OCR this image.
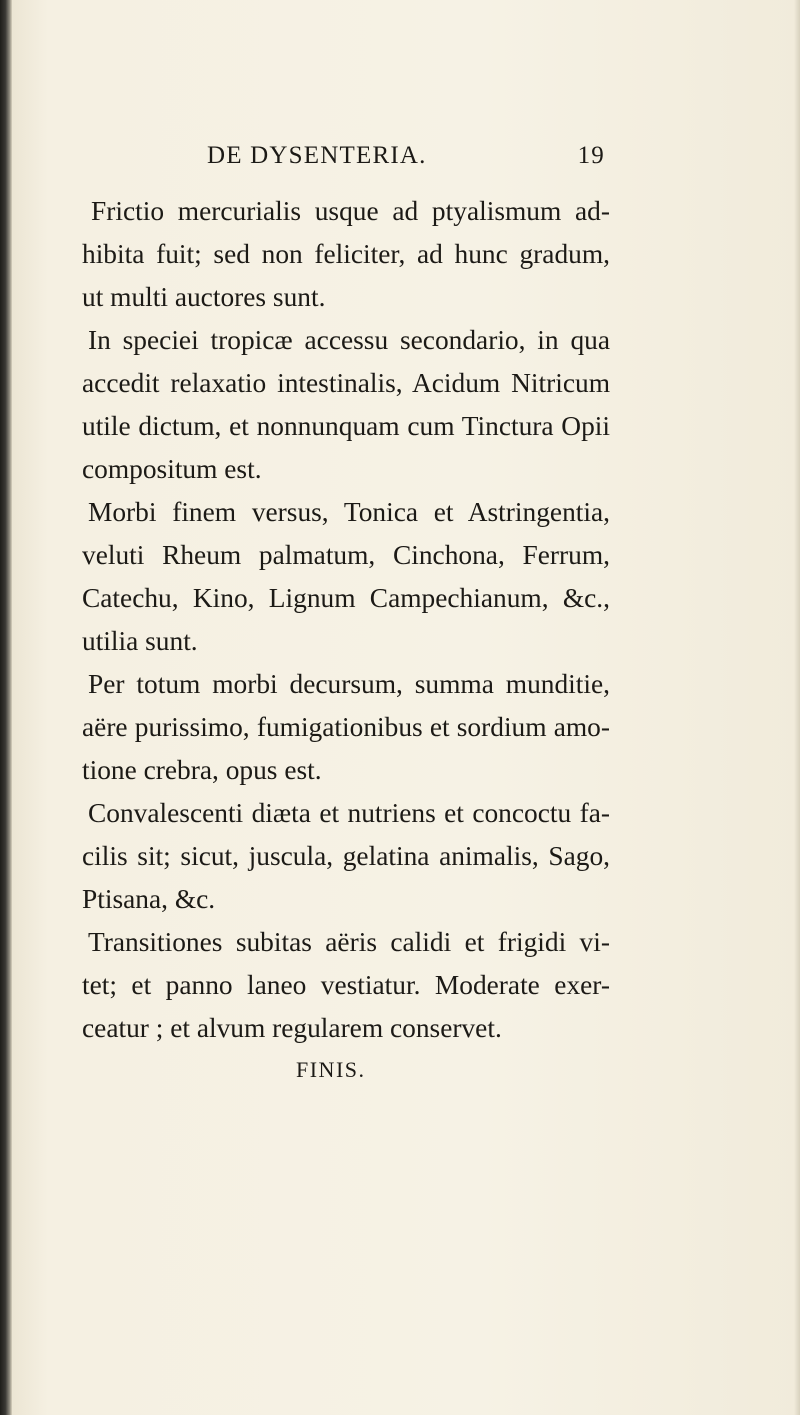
DE DYSENTERIA.	19
Frictio mercurialis usque ad ptyalismum ad-
hibita fuit; sed non feliciter, ad hunc gradum,
ut multi auctores sunt.
In speciei tropicæ accessu secondario, in qua
accedit relaxatio intestinalis, Acidum Nitricum
utile dictum, et nonnunquam cum Tinctura Opii
compositum est.
Morbi finem versus, Tonica et Astringentia,
veluti Rheum palmatum, Cinchona, Ferrum,
Catechu, Kino, Lignum Campechianum, &c.,
utilia sunt.
Per totum morbi decursum, summa munditie,
aëre purissimo, fumigationibus et sordium amo-
tione crebra, opus est.
Convalescenti diæta et nutriens et concoctu fa-
cilis sit; sicut, juscula, gelatina animalis, Sago,
Ptisana, &c.
Transitiones subitas aëris calidi et frigidi vi-
tet; et panno laneo vestiatur. Moderate exer-
ceatur ; et alvum regularem conservet.
FINIS.
